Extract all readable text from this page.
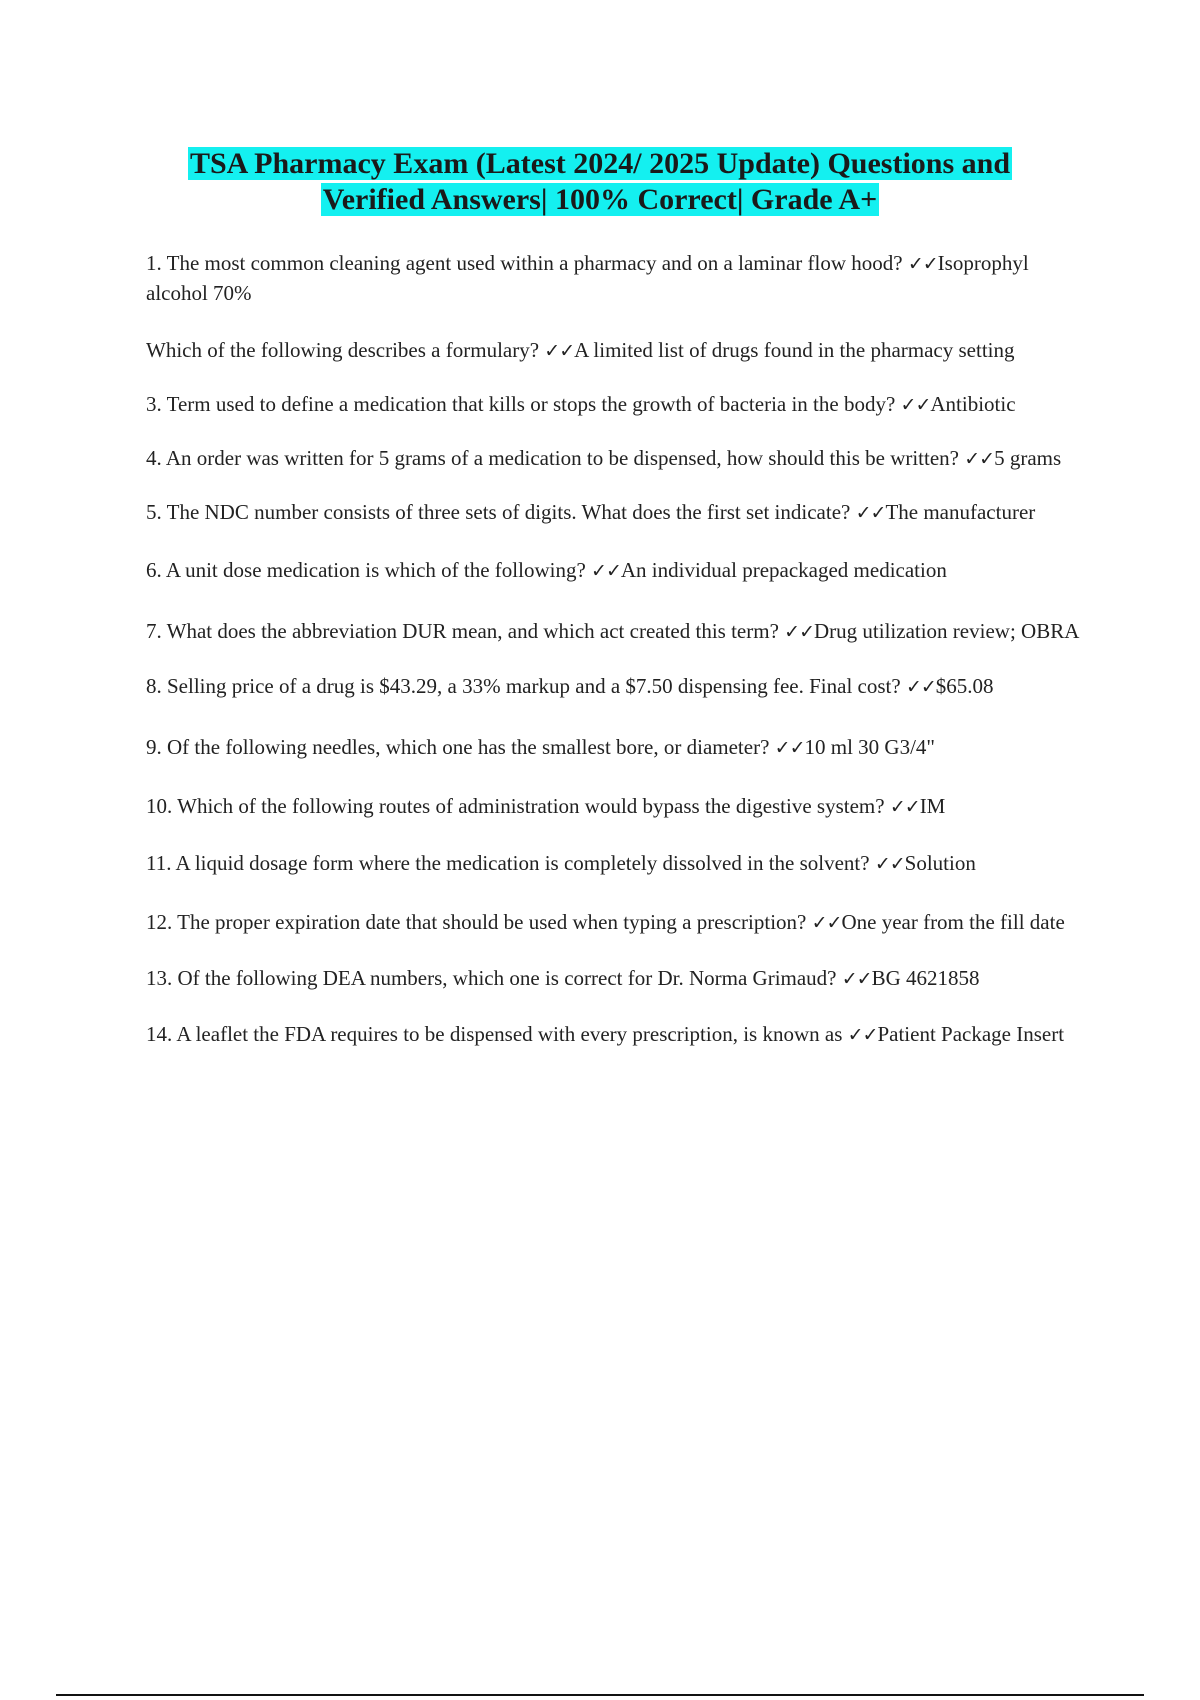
TSA Pharmacy Exam (Latest 2024/ 2025 Update) Questions and
Verified Answers| 100% Correct| Grade A+
1. The most common cleaning agent used within a pharmacy and on a laminar flow hood? ✓✓Isoprophyl alcohol 70%
Which of the following describes a formulary? ✓✓A limited list of drugs found in the pharmacy setting
3. Term used to define a medication that kills or stops the growth of bacteria in the body? ✓✓Antibiotic
4. An order was written for 5 grams of a medication to be dispensed, how should this be written? ✓✓5 grams
5. The NDC number consists of three sets of digits. What does the first set indicate? ✓✓The manufacturer
6. A unit dose medication is which of the following? ✓✓An individual prepackaged medication
7. What does the abbreviation DUR mean, and which act created this term? ✓✓Drug utilization review; OBRA
8. Selling price of a drug is $43.29, a 33% markup and a $7.50 dispensing fee. Final cost? ✓✓$65.08
9. Of the following needles, which one has the smallest bore, or diameter? ✓✓10 ml 30 G3/4"
10. Which of the following routes of administration would bypass the digestive system? ✓✓IM
11. A liquid dosage form where the medication is completely dissolved in the solvent? ✓✓Solution
12. The proper expiration date that should be used when typing a prescription? ✓✓One year from the fill date
13. Of the following DEA numbers, which one is correct for Dr. Norma Grimaud? ✓✓BG 4621858
14. A leaflet the FDA requires to be dispensed with every prescription, is known as ✓✓Patient Package Insert
